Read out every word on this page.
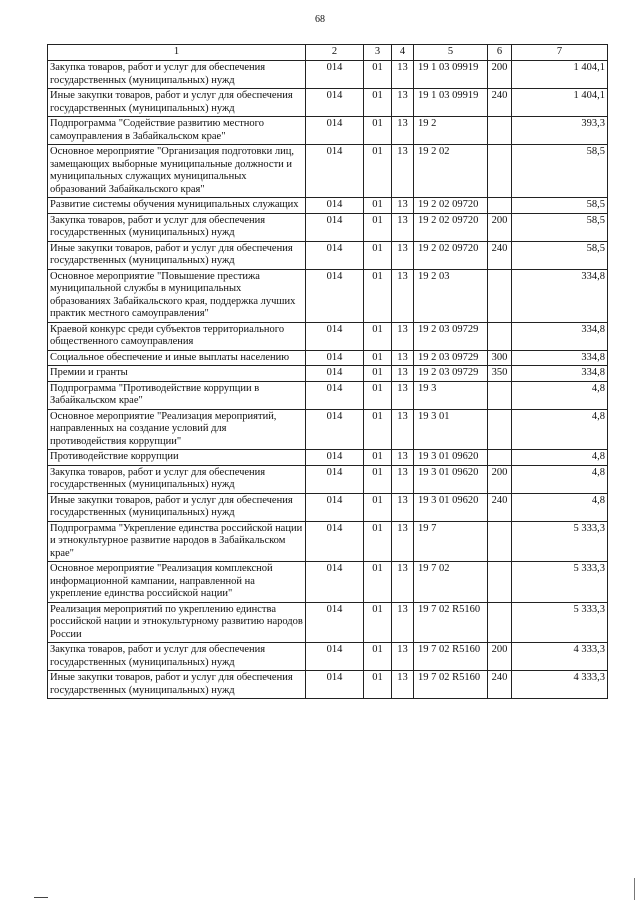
68
1	2	3	4	5	6	7
Закупка товаров, работ и услуг для обеспечения государственных (муниципальных) нужд	014	01	13	19 1 03 09919	200	1 404,1
Иные закупки товаров, работ и услуг для обеспечения государственных (муниципальных) нужд	014	01	13	19 1 03 09919	240	1 404,1
Подпрограмма "Содействие развитию местного самоуправления в Забайкальском крае"	014	01	13	19 2		393,3
Основное мероприятие "Организация подготовки лиц, замещающих выборные муниципальные должности и муниципальных служащих муниципальных образований Забайкальского края"	014	01	13	19 2 02		58,5
Развитие системы обучения муниципальных служащих	014	01	13	19 2 02 09720		58,5
Закупка товаров, работ и услуг для обеспечения государственных (муниципальных) нужд	014	01	13	19 2 02 09720	200	58,5
Иные закупки товаров, работ и услуг для обеспечения государственных (муниципальных) нужд	014	01	13	19 2 02 09720	240	58,5
Основное мероприятие "Повышение престижа муниципальной службы в муниципальных образованиях Забайкальского края, поддержка лучших практик местного самоуправления"	014	01	13	19 2 03		334,8
Краевой конкурс среди субъектов территориального общественного самоуправления	014	01	13	19 2 03 09729		334,8
Социальное обеспечение и иные выплаты населению	014	01	13	19 2 03 09729	300	334,8
Премии и гранты	014	01	13	19 2 03 09729	350	334,8
Подпрограмма "Противодействие коррупции в Забайкальском крае"	014	01	13	19 3		4,8
Основное мероприятие "Реализация мероприятий, направленных на создание условий для противодействия коррупции"	014	01	13	19 3 01		4,8
Противодействие коррупции	014	01	13	19 3 01 09620		4,8
Закупка товаров, работ и услуг для обеспечения государственных (муниципальных) нужд	014	01	13	19 3 01 09620	200	4,8
Иные закупки товаров, работ и услуг для обеспечения государственных (муниципальных) нужд	014	01	13	19 3 01 09620	240	4,8
Подпрограмма "Укрепление единства российской нации и этнокультурное развитие народов в Забайкальском крае"	014	01	13	19 7		5 333,3
Основное мероприятие "Реализация комплексной информационной кампании, направленной на укрепление единства российской нации"	014	01	13	19 7 02		5 333,3
Реализация мероприятий по укреплению единства российской нации и этнокультурному развитию народов России	014	01	13	19 7 02 R5160		5 333,3
Закупка товаров, работ и услуг для обеспечения государственных (муниципальных) нужд	014	01	13	19 7 02 R5160	200	4 333,3
Иные закупки товаров, работ и услуг для обеспечения государственных (муниципальных) нужд	014	01	13	19 7 02 R5160	240	4 333,3
